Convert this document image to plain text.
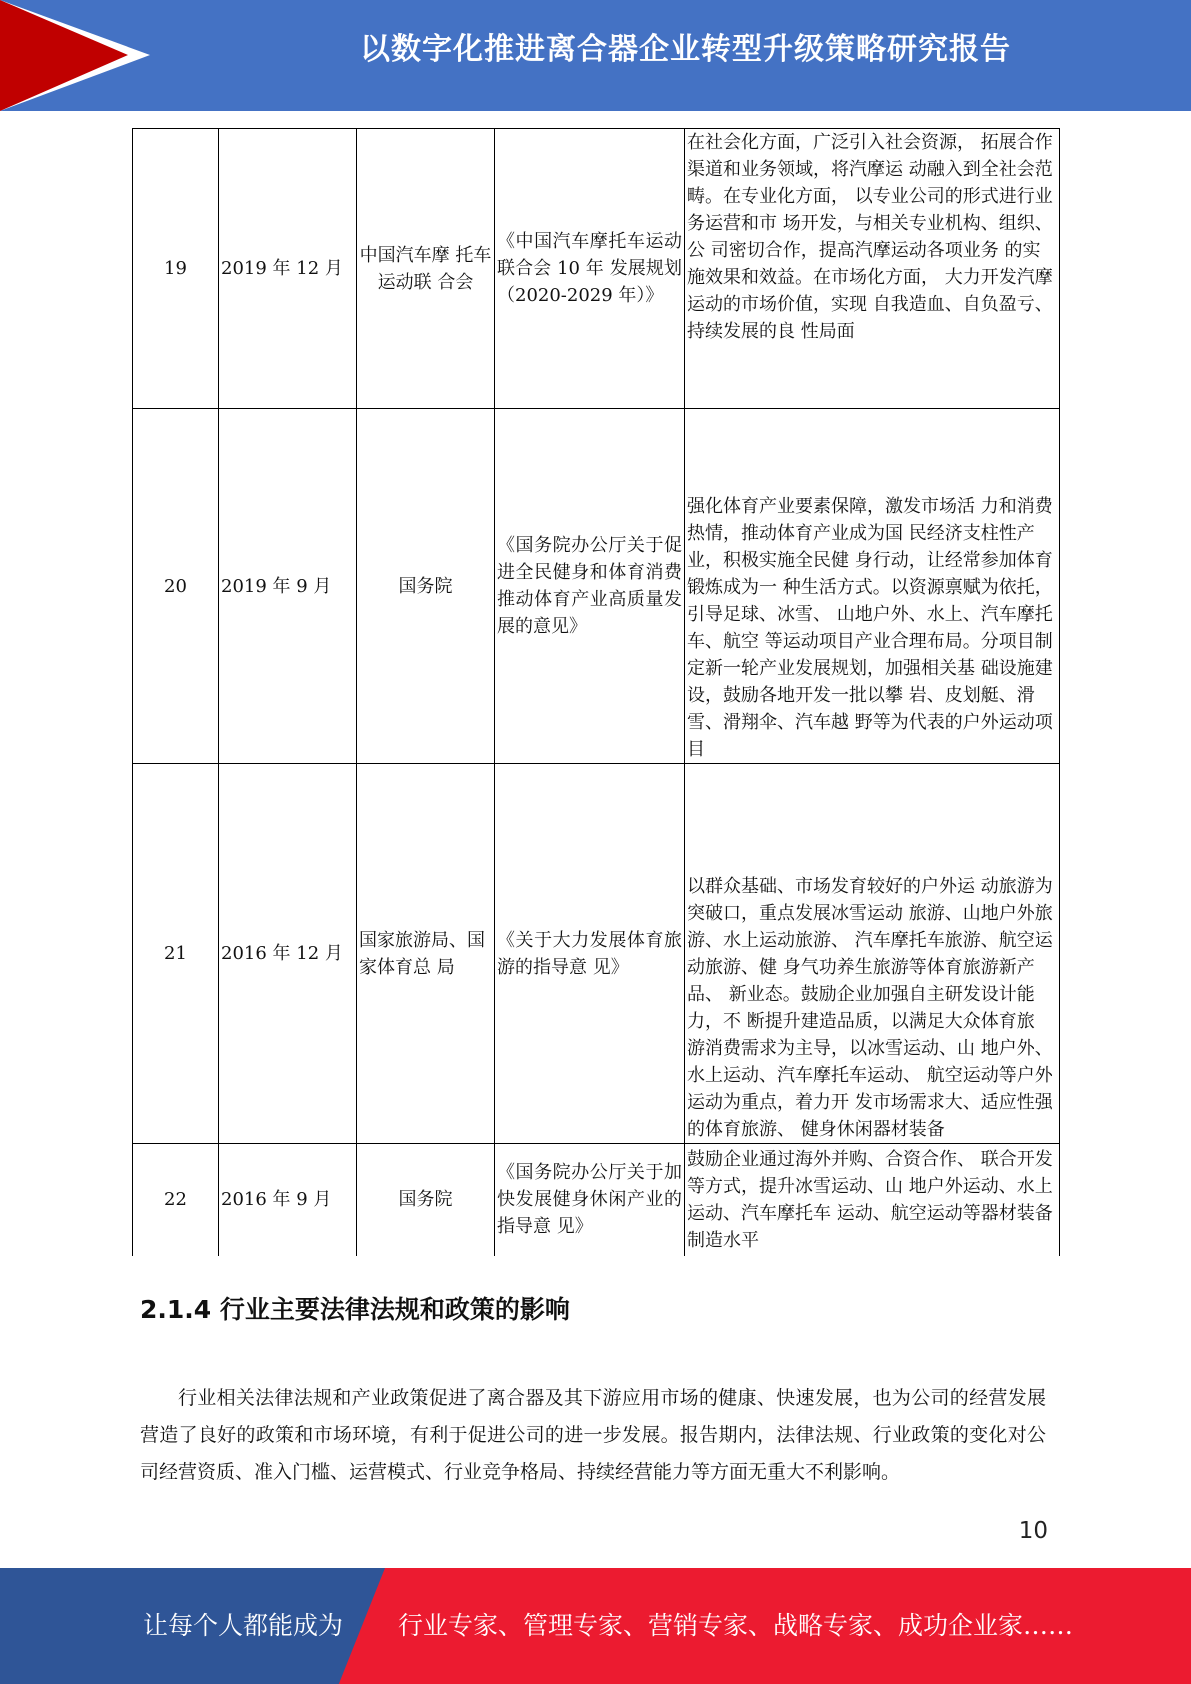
以数字化推进离合器企业转型升级策略研究报告
19	2019 年 12 月	中国汽车摩 托车运动联 合会	《中国汽车摩托车运动联合会 10 年 发展规划（2020-2029 年）》	在社会化方面，广泛引入社会资源， 拓展合作渠道和业务领域，将汽摩运 动融入到全社会范畴。在专业化方面， 以专业公司的形式进行业务运营和市 场开发，与相关专业机构、组织、公 司密切合作，提高汽摩运动各项业务 的实施效果和效益。在市场化方面， 大力开发汽摩运动的市场价值，实现 自我造血、自负盈亏、持续发展的良 性局面
20	2019 年 9 月	国务院	《国务院办公厅关于促进全民健身和体育消费推动体育产业高质量发展的意见》	强化体育产业要素保障，激发市场活 力和消费热情，推动体育产业成为国 民经济支柱性产业，积极实施全民健 身行动，让经常参加体育锻炼成为一 种生活方式。以资源禀赋为依托，引导足球、冰雪、 山地户外、水上、汽车摩托车、航空 等运动项目产业合理布局。分项目制 定新一轮产业发展规划，加强相关基 础设施建设，鼓励各地开发一批以攀 岩、皮划艇、滑雪、滑翔伞、汽车越 野等为代表的户外运动项目
21	2016 年 12 月	国家旅游局、国家体育总 局	《关于大力发展体育旅游的指导意 见》	以群众基础、市场发育较好的户外运 动旅游为突破口，重点发展冰雪运动 旅游、山地户外旅游、水上运动旅游、 汽车摩托车旅游、航空运动旅游、健 身气功养生旅游等体育旅游新产品、 新业态。鼓励企业加强自主研发设计能力，不 断提升建造品质，以满足大众体育旅 游消费需求为主导，以冰雪运动、山 地户外、水上运动、汽车摩托车运动、 航空运动等户外运动为重点，着力开 发市场需求大、适应性强的体育旅游、 健身休闲器材装备
22	2016 年 9 月	国务院	《国务院办公厅关于加快发展健身休闲产业的指导意 见》	鼓励企业通过海外并购、合资合作、 联合开发等方式，提升冰雪运动、山 地户外运动、水上运动、汽车摩托车 运动、航空运动等器材装备制造水平
2.1.4 行业主要法律法规和政策的影响

行业相关法律法规和产业政策促进了离合器及其下游应用市场的健康、快速发展，也为公司的经营发展营造了良好的政策和市场环境，有利于促进公司的进一步发展。报告期内，法律法规、行业政策的变化对公司经营资质、准入门槛、运营模式、行业竞争格局、持续经营能力等方面无重大不利影响。

10
让每个人都能成为 行业专家、管理专家、营销专家、战略专家、成功企业家……
